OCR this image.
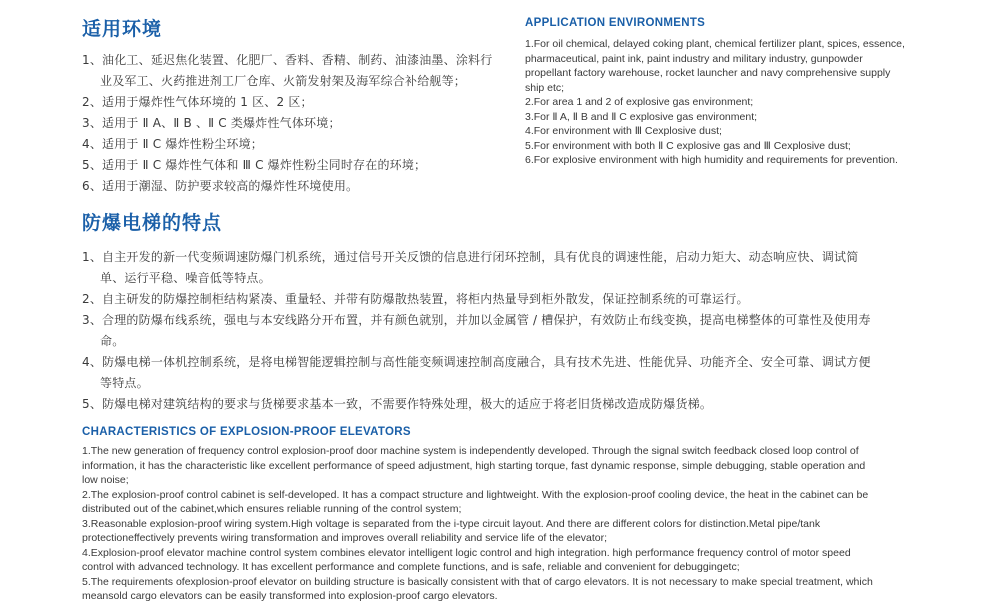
适用环境
1、油化工、延迟焦化装置、化肥厂、香料、香精、制药、油漆油墨、涂料行业及军工、火药推进剂工厂仓库、火箭发射架及海军综合补给舰等；
2、适用于爆炸性气体环境的 1 区、2 区；
3、适用于 Ⅱ A、Ⅱ B 、Ⅱ C 类爆炸性气体环境；
4、适用于 Ⅱ C 爆炸性粉尘环境；
5、适用于 Ⅱ C 爆炸性气体和 Ⅲ C 爆炸性粉尘同时存在的环境；
6、适用于潮湿、防护要求较高的爆炸性环境使用。
APPLICATION ENVIRONMENTS
1.For oil chemical, delayed coking plant, chemical fertilizer plant, spices, essence, pharmaceutical, paint ink, paint industry and military industry, gunpowder propellant factory warehouse, rocket launcher and navy comprehensive supply ship etc;
2.For area 1 and 2 of explosive gas environment;
3.For Ⅱ A, Ⅱ B and Ⅱ C explosive gas environment;
4.For environment with Ⅲ Cexplosive dust;
5.For environment with both Ⅱ C explosive gas and Ⅲ Cexplosive dust;
6.For explosive environment with high humidity and requirements for prevention.
防爆电梯的特点
1、自主开发的新一代变频调速防爆门机系统，通过信号开关反馈的信息进行闭环控制，具有优良的调速性能，启动力矩大、动态响应快、调试简单、运行平稳、噪音低等特点。
2、自主研发的防爆控制柜结构紧凑、重量轻、并带有防爆散热装置，将柜内热量导到柜外散发，保证控制系统的可靠运行。
3、合理的防爆布线系统，强电与本安线路分开布置，并有颜色就别，并加以金属管 / 槽保护，有效防止布线变换，提高电梯整体的可靠性及使用寿命。
4、防爆电梯一体机控制系统，是将电梯智能逻辑控制与高性能变频调速控制高度融合，具有技术先进、性能优异、功能齐全、安全可靠、调试方便等特点。
5、防爆电梯对建筑结构的要求与货梯要求基本一致，不需要作特殊处理，极大的适应于将老旧货梯改造成防爆货梯。
CHARACTERISTICS OF EXPLOSION-PROOF ELEVATORS
1.The new generation of frequency control explosion-proof door machine system is independently developed. Through the signal switch feedback closed loop control of information, it has the characteristic like excellent performance of speed adjustment, high starting torque, fast dynamic response, simple debugging, stable operation and low noise;
2.The explosion-proof control cabinet is self-developed. It has a compact structure and lightweight. With the explosion-proof cooling device, the heat in the cabinet can be distributed out of the cabinet,which ensures reliable running of the control system;
3.Reasonable explosion-proof wiring system.High voltage is separated from the i-type circuit layout. And there are different colors for distinction.Metal pipe/tank protectioneffectively prevents wiring transformation and improves overall reliability and service life of the elevator;
4.Explosion-proof elevator machine control system combines elevator intelligent logic control and high integration. high performance frequency control of motor speed control with advanced technology. It has excellent performance and complete functions, and is safe, reliable and convenient for debuggingetc;
5.The requirements ofexplosion-proof elevator on building structure is basically consistent with that of cargo elevators. It is not necessary to make special treatment, which meansold cargo elevators can be easily transformed into explosion-proof cargo elevators.
